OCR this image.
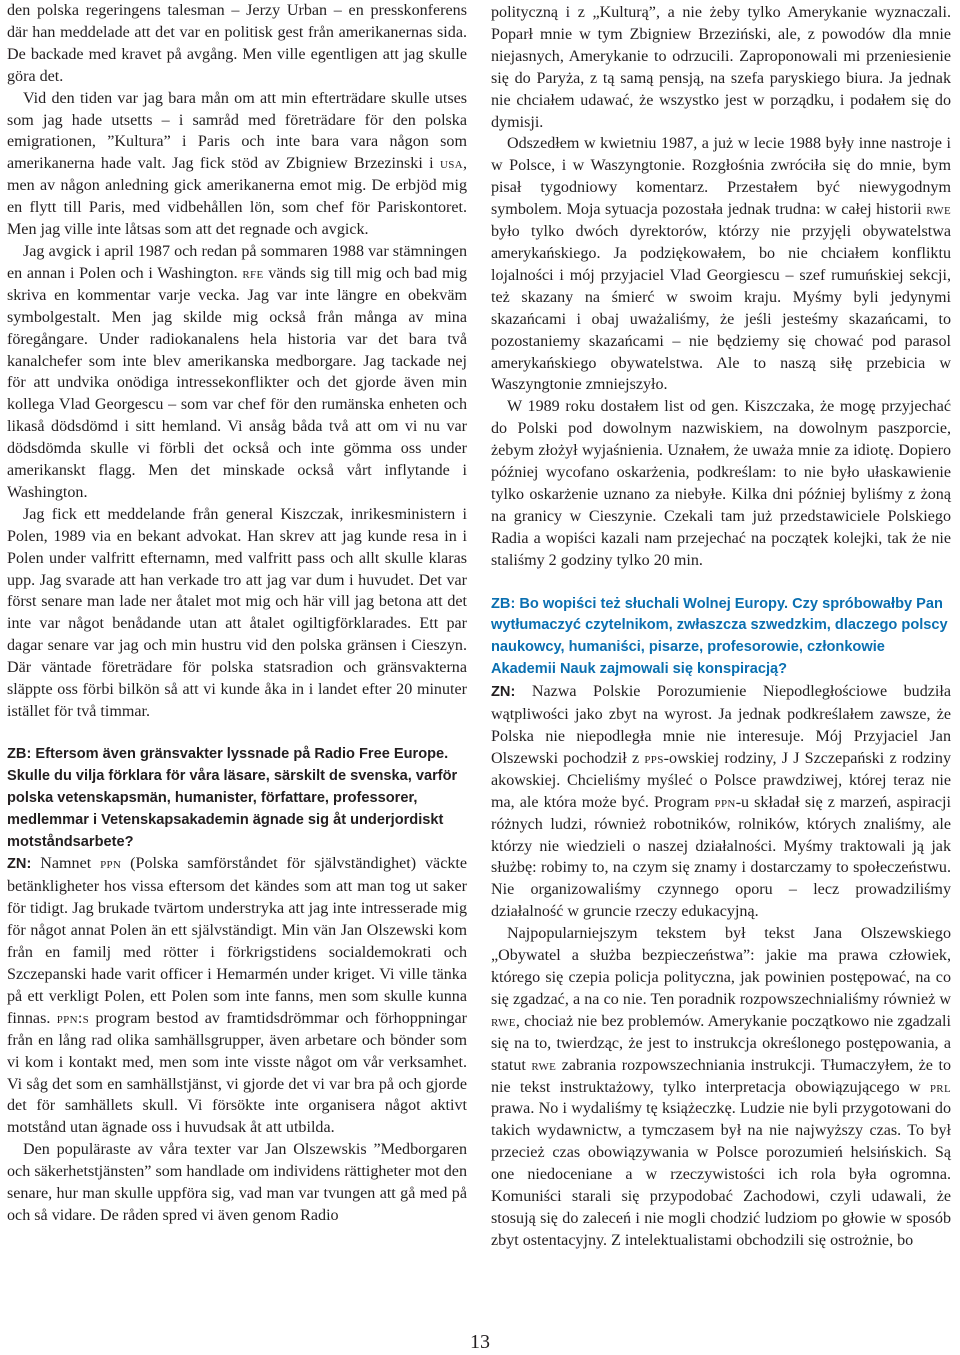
den polska regeringens talesman – Jerzy Urban – en presskonferens där han meddelade att det var en politisk gest från amerikanernas sida. De backade med kravet på avgång. Men ville egentligen att jag skulle göra det.

Vid den tiden var jag bara mån om att min efterträdare skulle utses som jag hade utsetts – i samråd med företrädare för den polska emigrationen, ”Kultura” i Paris och inte bara vara någon som amerikanerna hade valt. Jag fick stöd av Zbigniew Brzezinski i usa, men av någon anledning gick amerikanerna emot mig. De erbjöd mig en flytt till Paris, med vidbehållen lön, som chef för Pariskontoret. Men jag ville inte låtsas som att det regnade och avgick.

Jag avgick i april 1987 och redan på sommaren 1988 var stämningen en annan i Polen och i Washington. rfe vänds sig till mig och bad mig skriva en kommentar varje vecka. Jag var inte längre en obekväm symbolgestalt. Men jag skilde mig också från många av mina föregångare. Under radiokanalens hela historia var det bara två kanalchefer som inte blev amerikanska medborgare. Jag tackade nej för att undvika onödiga intressekonflikter och det gjorde även min kollega Vlad Georgescu – som var chef för den rumänska enheten och likaså dödsdömd i sitt hemland. Vi ansåg båda två att om vi nu var dödsdömda skulle vi förbli det också och inte gömma oss under amerikanskt flagg. Men det minskade också vårt inflytande i Washington.

Jag fick ett meddelande från general Kiszczak, inrikesministern i Polen, 1989 via en bekant advokat. Han skrev att jag kunde resa in i Polen under valfritt efternamn, med valfritt pass och allt skulle klaras upp. Jag svarade att han verkade tro att jag var dum i huvudet. Det var först senare man lade ner åtalet mot mig och här vill jag betona att det inte var något benådande utan att åtalet ogiltigförklarades. Ett par dagar senare var jag och min hustru vid den polska gränsen i Cieszyn. Där väntade företrädare för polska statsradion och gränsvakterna släppte oss förbi bilkön så att vi kunde åka in i landet efter 20 minuter istället för två timmar.

ZB: Eftersom även gränsvakter lyssnade på Radio Free Europe. Skulle du vilja förklara för våra läsare, särskilt de svenska, varför polska vetenskapsmän, humanister, författare, professorer, medlemmar i Vetenskapsakademin ägnade sig åt underjordiskt motståndsarbete?

ZN: Namnet ppn (Polska samförståndet för självständighet) väckte betänkligheter hos vissa eftersom det kändes som att man tog ut saker för tidigt. Jag brukade tvärtom understryka att jag inte intresserade mig för något annat Polen än ett självständigt. Min vän Jan Olszewski kom från en familj med rötter i förkrigstidens socialdemokrati och Szczepanski hade varit officer i Hemarmén under kriget. Vi ville tänka på ett verkligt Polen, ett Polen som inte fanns, men som skulle kunna finnas. ppn:s program bestod av framtidsdrömmar och förhoppningar från en lång rad olika samhällsgrupper, även arbetare och bönder som vi kom i kontakt med, men som inte visste något om vår verksamhet. Vi såg det som en samhällstjänst, vi gjorde det vi var bra på och gjorde det för samhällets skull. Vi försökte inte organisera något aktivt motstånd utan ägnade oss i huvudsak åt att utbilda.

Den populäraste av våra texter var Jan Olszewskis ”Medborgaren och säkerhetstjänsten” som handlade om individens rättigheter mot den senare, hur man skulle uppföra sig, vad man var tvungen att gå med på och så vidare. De råden spred vi även genom Radio

polityczną i z „Kulturą”, a nie żeby tylko Amerykanie wyznaczali. Poparł mnie w tym Zbigniew Brzeziński, ale, z powodów dla mnie niejasnych, Amerykanie to odrzucili. Zaproponowali mi przeniesienie się do Paryża, z tą samą pensją, na szefa paryskiego biura. Ja jednak nie chciałem udawać, że wszystko jest w porządku, i podałem się do dymisji.

Odszedłem w kwietniu 1987, a już w lecie 1988 były inne nastroje i w Polsce, i w Waszyngtonie. Rozgłośnia zwróciła się do mnie, bym pisał tygodniowy komentarz. Przestałem być niewygodnym symbolem. Moja sytuacja pozostała jednak trudna: w całej historii rwe było tylko dwóch dyrektorów, którzy nie przyjęli obywatelstwa amerykańskiego. Ja podziękowałem, bo nie chciałem konfliktu lojalności i mój przyjaciel Vlad Georgiescu – szef rumuńskiej sekcji, też skazany na śmierć w swoim kraju. Myśmy byli jedynymi skazańcami i obaj uważaliśmy, że jeśli jesteśmy skazańcami, to pozostaniemy skazańcami – nie będziemy się chować pod parasol amerykańskiego obywatelstwa. Ale to naszą siłę przebicia w Waszyngtonie zmniejszyło.

W 1989 roku dostałem list od gen. Kiszczaka, że mogę przyjechać do Polski pod dowolnym nazwiskiem, na dowolnym paszporcie, żebym złożył wyjaśnienia. Uznałem, że uważa mnie za idiotę. Dopiero później wycofano oskarżenia, podkreślam: to nie było ułaskawienie tylko oskarżenie uznano za niebyłe. Kilka dni później byliśmy z żoną na granicy w Cieszynie. Czekali tam już przedstawiciele Polskiego Radia a wopiści kazali nam przejechać na początek kolejki, tak że nie staliśmy 2 godziny tylko 20 min.

ZB: Bo wopiści też słuchali Wolnej Europy. Czy spróbowałby Pan wytłumaczyć czytelnikom, zwłaszcza szwedzkim, dlaczego polscy naukowcy, humaniści, pisarze, profesorowie, członkowie Akademii Nauk zajmowali się konspiracją?

ZN: Nazwa Polskie Porozumienie Niepodległościowe budziła wątpliwości jako zbyt na wyrost. Ja jednak podkreślałem zawsze, że Polska nie niepodległa mnie nie interesuje. Mój Przyjaciel Jan Olszewski pochodził z pps-owskiej rodziny, J J Szczepański z rodziny akowskiej. Chcieliśmy myśleć o Polsce prawdziwej, której teraz nie ma, ale która może być. Program ppn-u składał się z marzeń, aspiracji różnych ludzi, również robotników, rolników, których znaliśmy, ale którzy nie wiedzieli o naszej działalności. Myśmy traktowali ją jak służbę: robimy to, na czym się znamy i dostarczamy to społeczeństwu. Nie organizowaliśmy czynnego oporu – lecz prowadziliśmy działalność w gruncie rzeczy edukacyjną.

Najpopularniejszym tekstem był tekst Jana Olszewskiego „Obywatel a służba bezpieczeństwa”: jakie ma prawa człowiek, którego się czepia policja polityczna, jak powinien postępować, na co się zgadzać, a na co nie. Ten poradnik rozpowszechnialiśmy również w rwe, chociaż nie bez problemów. Amerykanie początkowo nie zgadzali się na to, twierdząc, że jest to instrukcja określonego postępowania, a statut rwe zabrania rozpowszechniania instrukcji. Tłumaczyłem, że to nie tekst instruktażowy, tylko interpretacja obowiązującego w prl prawa. No i wydaliśmy tę książeczkę. Ludzie nie byli przygotowani do takich wydawnictw, a tymczasem był na nie najwyższy czas. To był przecież czas obowiązywania w Polsce porozumień helsińskich. Są one niedoceniane a w rzeczywistości ich rola była ogromna. Komuniści starali się przypodobać Zachodowi, czyli udawali, że stosują się do zaleceń i nie mogli chodzić ludziom po głowie w sposób zbyt ostentacyjny. Z intelektualistami obchodzili się ostrożnie, bo

13
